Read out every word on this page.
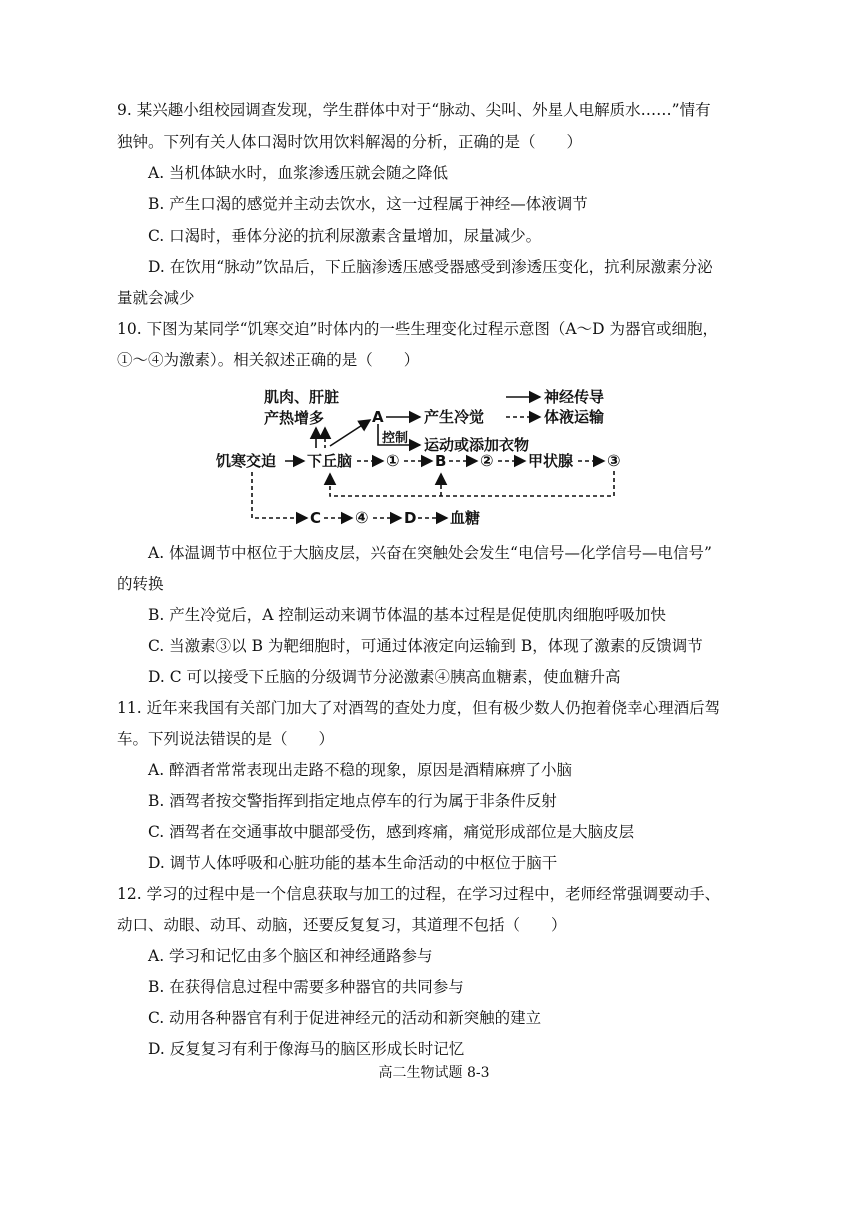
9. 某兴趣小组校园调查发现，学生群体中对于“脉动、尖叫、外星人电解质水……”情有
独钟。下列有关人体口渴时饮用饮料解渴的分析，正确的是（　　）
A. 当机体缺水时，血浆渗透压就会随之降低
B. 产生口渴的感觉并主动去饮水，这一过程属于神经—体液调节
C. 口渴时，垂体分泌的抗利尿激素含量增加，尿量减少。
D. 在饮用“脉动”饮品后，下丘脑渗透压感受器感受到渗透压变化，抗利尿激素分泌
量就会减少
10. 下图为某同学“饥寒交迫”时体内的一些生理变化过程示意图（A～D 为器官或细胞，
①～④为激素）。相关叙述正确的是（　　）
肌肉、肝脏
产热增多	A	产生冷觉
控制 运动或添加衣物
饥寒交迫 下丘脑 ① B ② 甲状腺 ③
C ④ D 血糖
神经传导
体液运输
A. 体温调节中枢位于大脑皮层，兴奋在突触处会发生“电信号—化学信号—电信号”
的转换
B. 产生冷觉后，A 控制运动来调节体温的基本过程是促使肌肉细胞呼吸加快
C. 当激素③以 B 为靶细胞时，可通过体液定向运输到 B，体现了激素的反馈调节
D. C 可以接受下丘脑的分级调节分泌激素④胰高血糖素，使血糖升高
11. 近年来我国有关部门加大了对酒驾的查处力度，但有极少数人仍抱着侥幸心理酒后驾
车。下列说法错误的是（　　）
A. 醉酒者常常表现出走路不稳的现象，原因是酒精麻痹了小脑
B. 酒驾者按交警指挥到指定地点停车的行为属于非条件反射
C. 酒驾者在交通事故中腿部受伤，感到疼痛，痛觉形成部位是大脑皮层
D. 调节人体呼吸和心脏功能的基本生命活动的中枢位于脑干
12. 学习的过程中是一个信息获取与加工的过程，在学习过程中，老师经常强调要动手、
动口、动眼、动耳、动脑，还要反复复习，其道理不包括（　　）
A. 学习和记忆由多个脑区和神经通路参与
B. 在获得信息过程中需要多种器官的共同参与
C. 动用各种器官有利于促进神经元的活动和新突触的建立
D. 反复复习有利于像海马的脑区形成长时记忆
高二生物试题 8-3
